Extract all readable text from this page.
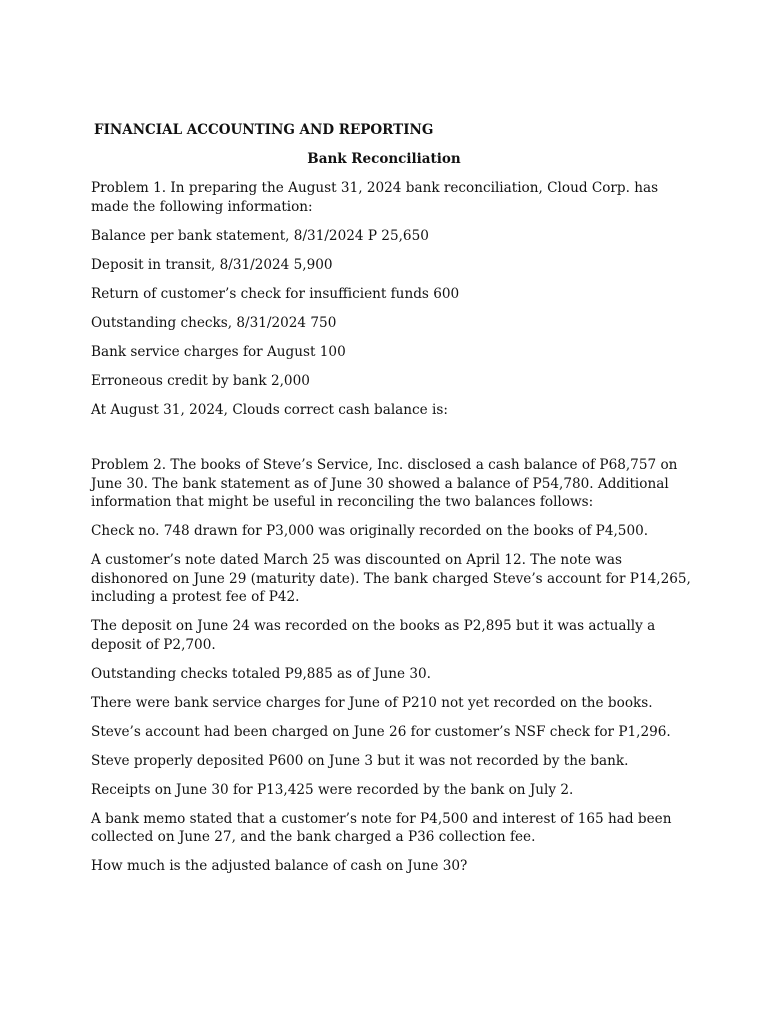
FINANCIAL ACCOUNTING AND REPORTING
Bank Reconciliation

Problem 1. In preparing the August 31, 2024 bank reconciliation, Cloud Corp. has made the following information:

Balance per bank statement, 8/31/2024 P 25,650

Deposit in transit, 8/31/2024 5,900

Return of customer’s check for insufficient funds 600

Outstanding checks, 8/31/2024 750

Bank service charges for August 100

Erroneous credit by bank 2,000

At August 31, 2024, Clouds correct cash balance is:

Problem 2. The books of Steve’s Service, Inc. disclosed a cash balance of P68,757 on June 30. The bank statement as of June 30 showed a balance of P54,780. Additional information that might be useful in reconciling the two balances follows:

Check no. 748 drawn for P3,000 was originally recorded on the books of P4,500.

A customer’s note dated March 25 was discounted on April 12. The note was dishonored on June 29 (maturity date). The bank charged Steve’s account for P14,265, including a protest fee of P42.

The deposit on June 24 was recorded on the books as P2,895 but it was actually a deposit of P2,700.

Outstanding checks totaled P9,885 as of June 30.

There were bank service charges for June of P210 not yet recorded on the books.

Steve’s account had been charged on June 26 for customer’s NSF check for P1,296.

Steve properly deposited P600 on June 3 but it was not recorded by the bank.

Receipts on June 30 for P13,425 were recorded by the bank on July 2.

A bank memo stated that a customer’s note for P4,500 and interest of 165 had been collected on June 27, and the bank charged a P36 collection fee.

How much is the adjusted balance of cash on June 30?
